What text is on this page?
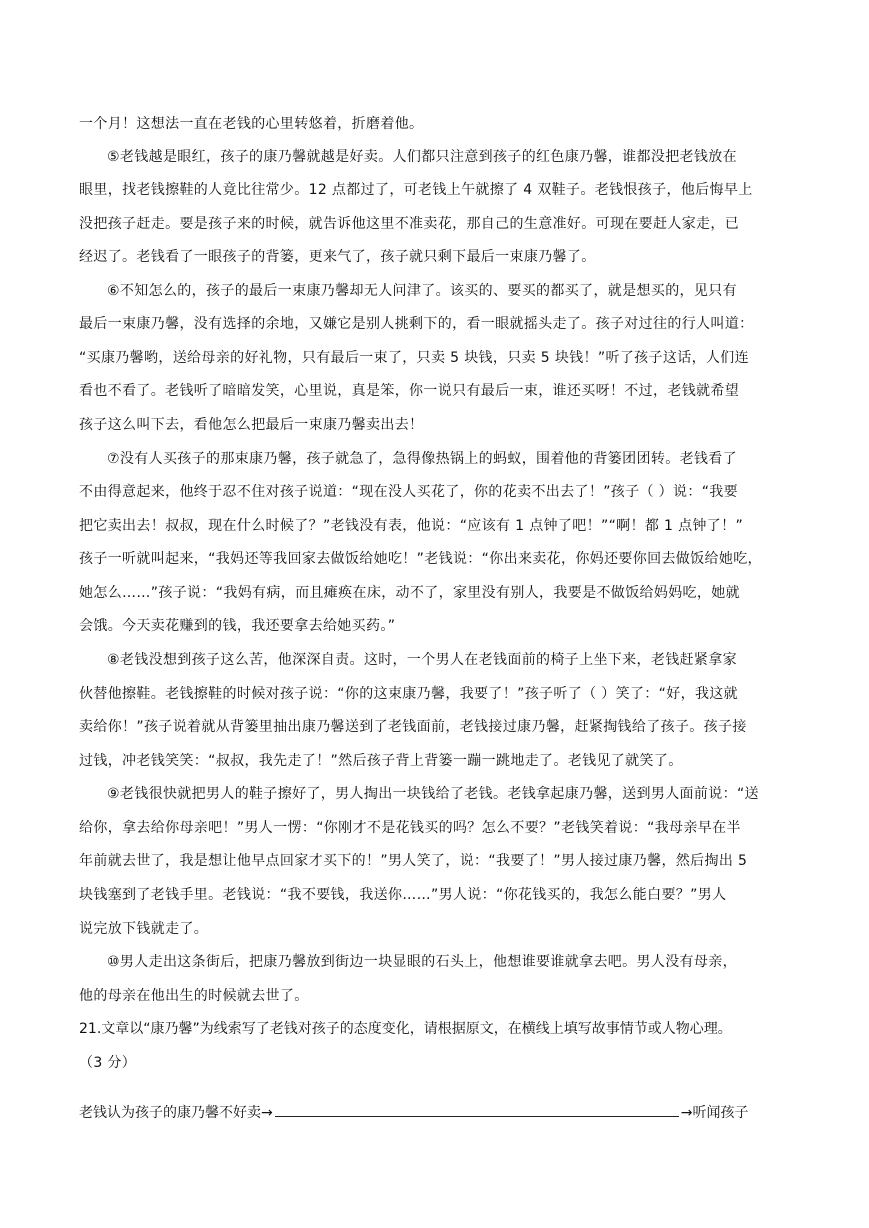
一个月！这想法一直在老钱的心里转悠着，折磨着他。
⑤老钱越是眼红，孩子的康乃馨就越是好卖。人们都只注意到孩子的红色康乃馨，谁都没把老钱放在
眼里，找老钱擦鞋的人竟比往常少。12 点都过了，可老钱上午就擦了 4 双鞋子。老钱恨孩子，他后悔早上
没把孩子赶走。要是孩子来的时候，就告诉他这里不准卖花，那自己的生意准好。可现在要赶人家走，已
经迟了。老钱看了一眼孩子的背篓，更来气了，孩子就只剩下最后一束康乃馨了。
⑥不知怎么的，孩子的最后一束康乃馨却无人问津了。该买的、要买的都买了，就是想买的，见只有
最后一束康乃馨，没有选择的余地，又嫌它是别人挑剩下的，看一眼就摇头走了。孩子对过往的行人叫道：
“买康乃馨哟，送给母亲的好礼物，只有最后一束了，只卖 5 块钱，只卖 5 块钱！”听了孩子这话，人们连
看也不看了。老钱听了暗暗发笑，心里说，真是笨，你一说只有最后一束，谁还买呀！不过，老钱就希望
孩子这么叫下去，看他怎么把最后一束康乃馨卖出去！
⑦没有人买孩子的那束康乃馨，孩子就急了，急得像热锅上的蚂蚁，围着他的背篓团团转。老钱看了
不由得意起来，他终于忍不住对孩子说道：“现在没人买花了，你的花卖不出去了！”孩子（ ）说：“我要
把它卖出去！叔叔，现在什么时候了？”老钱没有表，他说：“应该有 1 点钟了吧！”“啊！都 1 点钟了！”
孩子一听就叫起来，“我妈还等我回家去做饭给她吃！”老钱说：“你出来卖花，你妈还要你回去做饭给她吃，
她怎么……”孩子说：“我妈有病，而且瘫痪在床，动不了，家里没有别人，我要是不做饭给妈妈吃，她就
会饿。今天卖花赚到的钱，我还要拿去给她买药。”
⑧老钱没想到孩子这么苦，他深深自责。这时，一个男人在老钱面前的椅子上坐下来，老钱赶紧拿家
伙替他擦鞋。老钱擦鞋的时候对孩子说：“你的这束康乃馨，我要了！”孩子听了（ ）笑了：“好，我这就
卖给你！”孩子说着就从背篓里抽出康乃馨送到了老钱面前，老钱接过康乃馨，赶紧掏钱给了孩子。孩子接
过钱，冲老钱笑笑：“叔叔，我先走了！”然后孩子背上背篓一蹦一跳地走了。老钱见了就笑了。
⑨老钱很快就把男人的鞋子擦好了，男人掏出一块钱给了老钱。老钱拿起康乃馨，送到男人面前说：“送
给你，拿去给你母亲吧！”男人一愣：“你刚才不是花钱买的吗？怎么不要？”老钱笑着说：“我母亲早在半
年前就去世了，我是想让他早点回家才买下的！”男人笑了，说：“我要了！”男人接过康乃馨，然后掏出 5
块钱塞到了老钱手里。老钱说：“我不要钱，我送你……”男人说：“你花钱买的，我怎么能白要？”男人
说完放下钱就走了。
⑩男人走出这条街后，把康乃馨放到街边一块显眼的石头上，他想谁要谁就拿去吧。男人没有母亲，
他的母亲在他出生的时候就去世了。
21.文章以“康乃馨”为线索写了老钱对孩子的态度变化，请根据原文，在横线上填写故事情节或人物心理。
（3 分）
老钱认为孩子的康乃馨不好卖→	→听闻孩子
